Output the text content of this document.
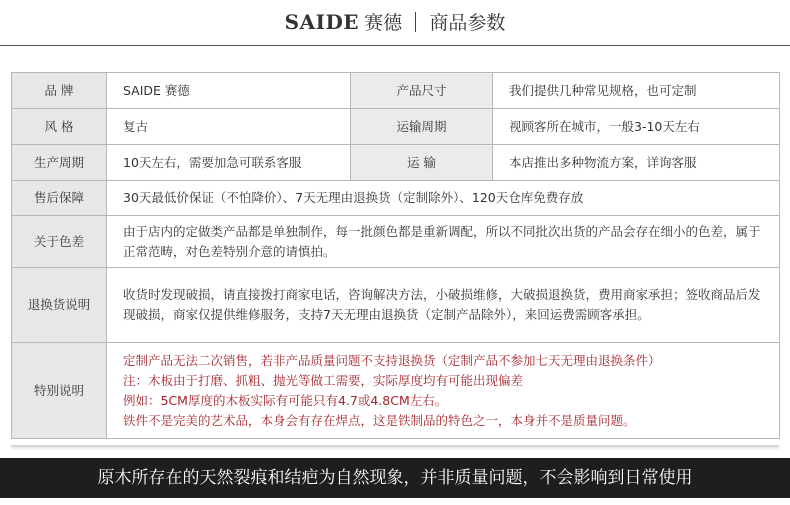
SAIDE 赛德 商品参数
品 牌	SAIDE 赛德	产品尺寸	我们提供几种常见规格，也可定制
风 格	复古	运输周期	视顾客所在城市，一般3-10天左右
生产周期	10天左右，需要加急可联系客服	运 输	本店推出多种物流方案，详询客服
售后保障	30天最低价保证（不怕降价）、7天无理由退换货（定制除外）、120天仓库免费存放		
关于色差	由于店内的定做类产品都是单独制作，每一批颜色都是重新调配，所以不同批次出货的产品会存在细小的色差，属于正常范畴，对色差特别介意的请慎拍。		
退换货说明	收货时发现破损，请直接拨打商家电话，咨询解决方法，小破损维修，大破损退换货，费用商家承担；签收商品后发现破损，商家仅提供维修服务，支持7天无理由退换货（定制产品除外），来回运费需顾客承担。		
特别说明	定制产品无法二次销售，若非产品质量问题不支持退换货（定制产品不参加七天无理由退换条件）
注：木板由于打磨、抓粗、抛光等做工需要，实际厚度均有可能出现偏差
例如：5CM厚度的木板实际有可能只有4.7或4.8CM左右。
铁件不是完美的艺术品，本身会有存在焊点，这是铁制品的特色之一，本身并不是质量问题。		
原木所存在的天然裂痕和结疤为自然现象，并非质量问题，不会影响到日常使用
